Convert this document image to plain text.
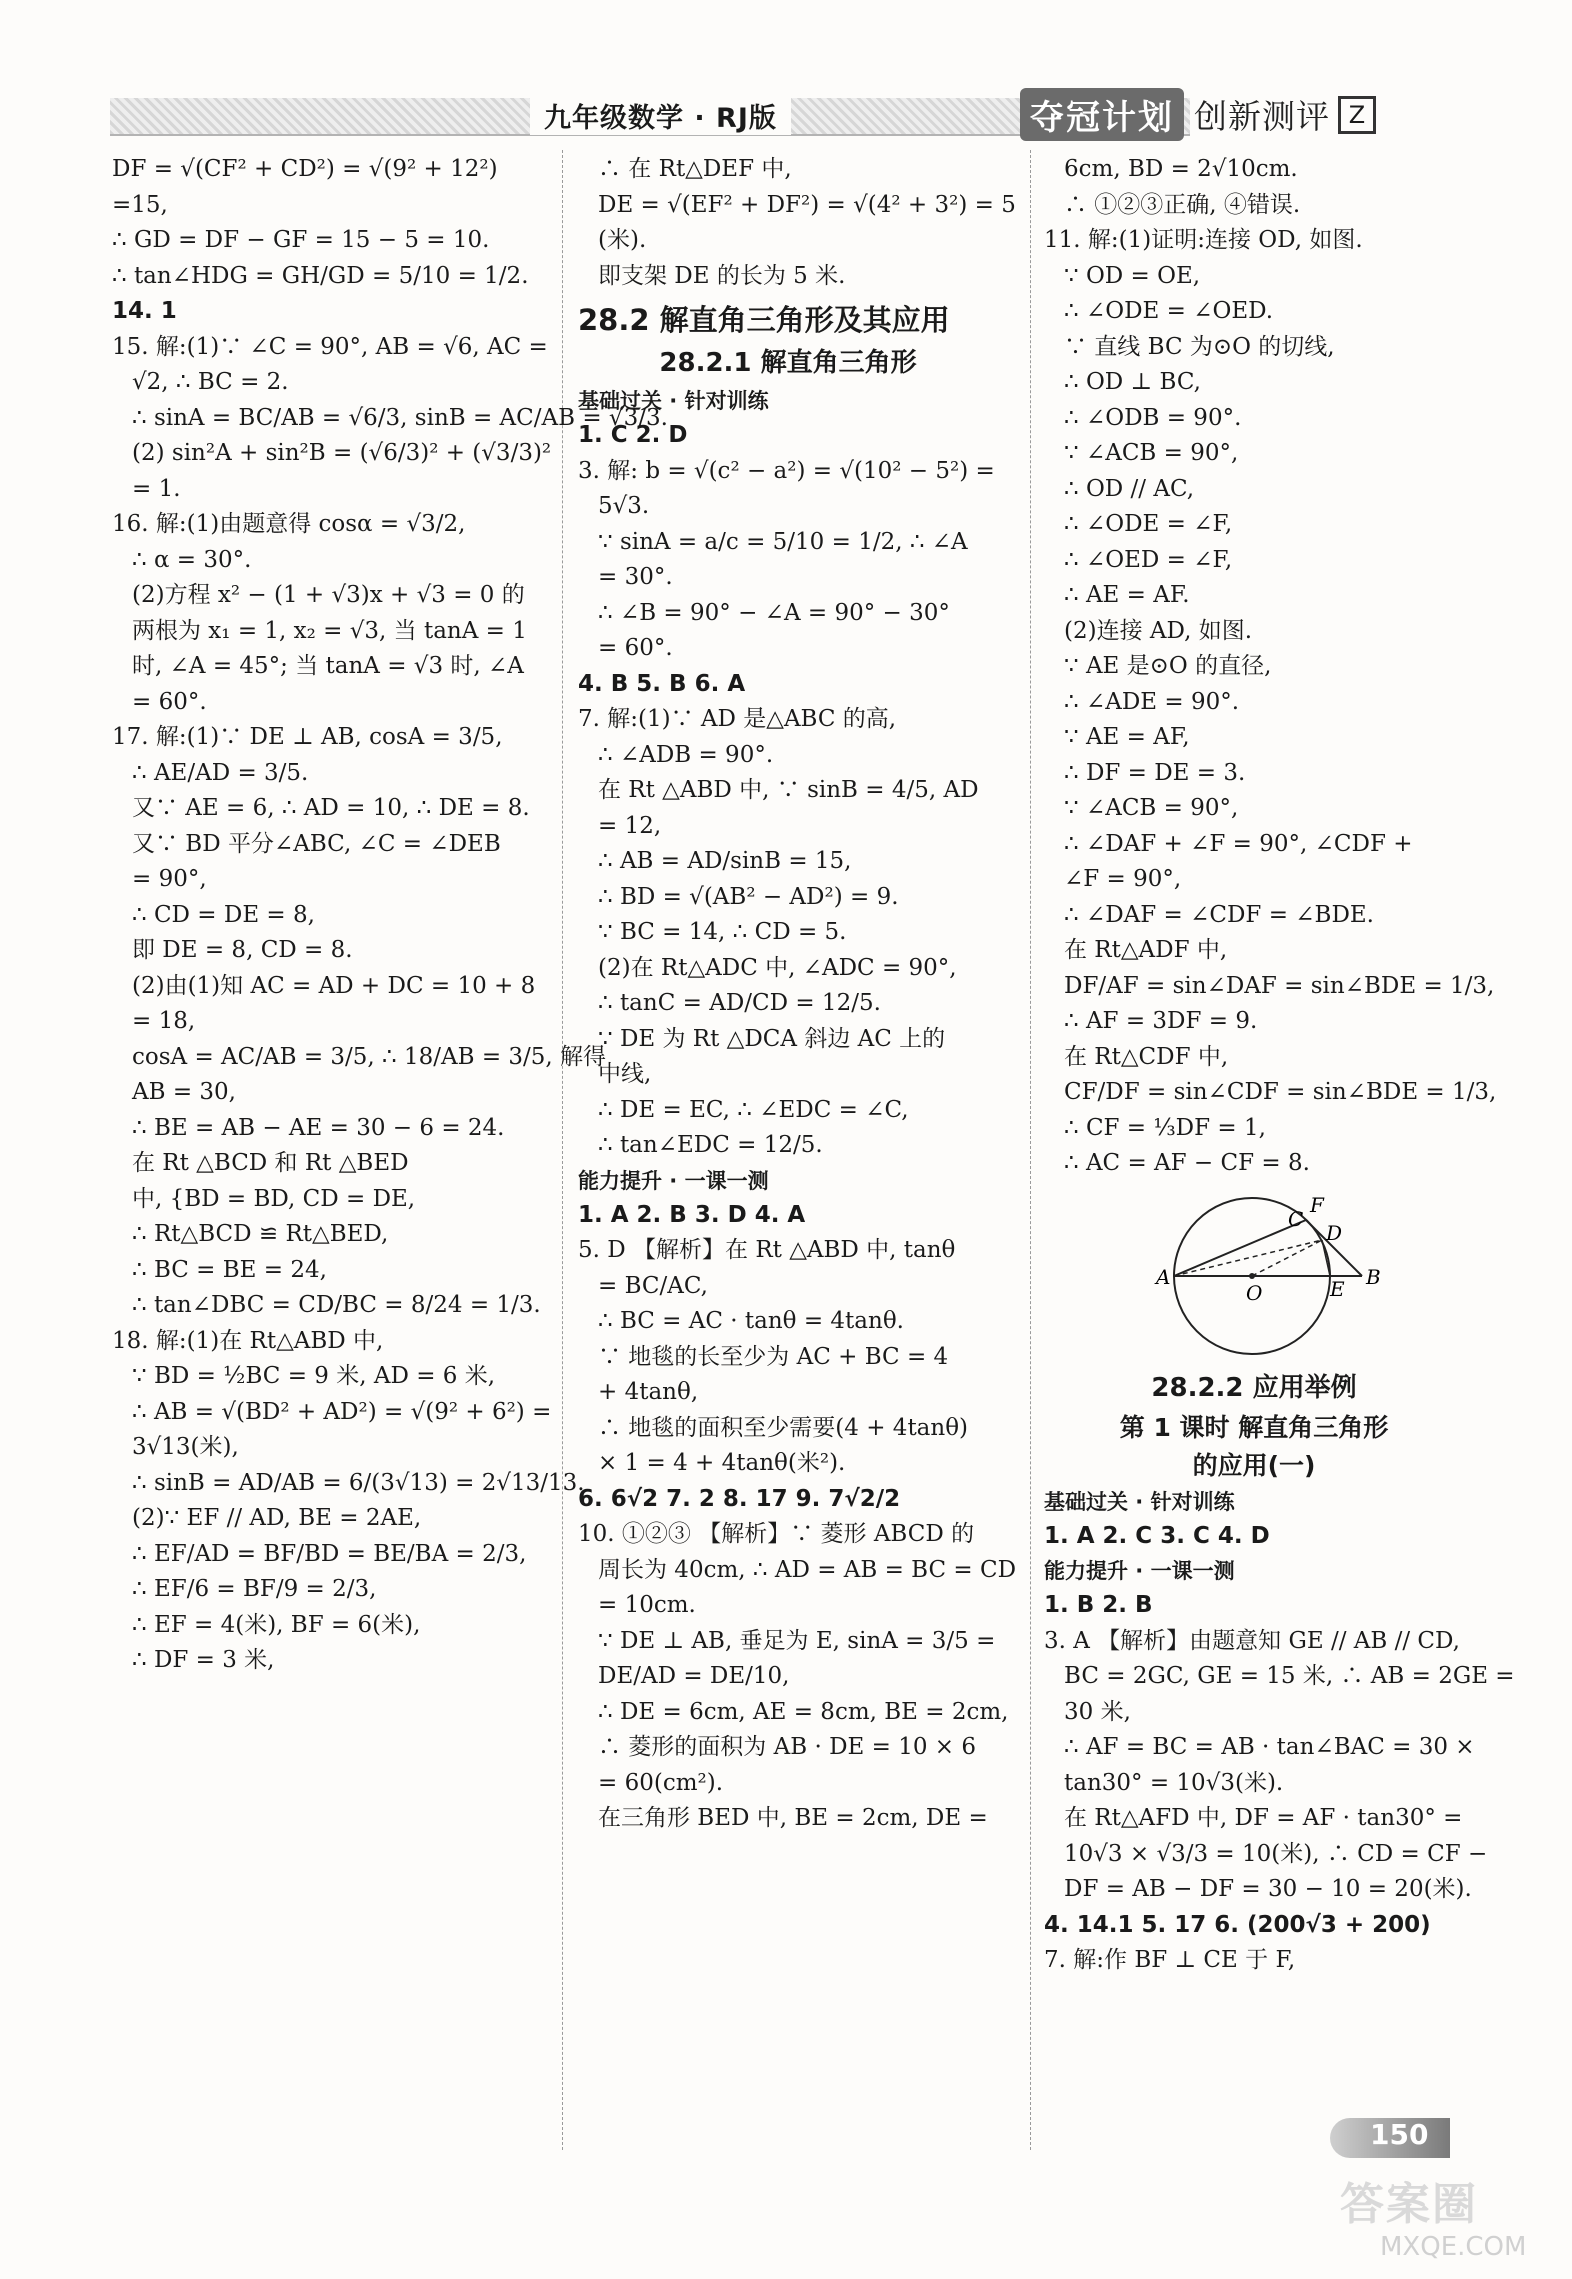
九年级数学 · RJ版	夺冠计划 创新测评 Z
DF = √(CF² + CD²) = √(9² + 12²)
=15,
∴ GD = DF − GF = 15 − 5 = 10.
∴ tan∠HDG = GH/GD = 5/10 = 1/2.
14. 1
15. 解:(1)∵ ∠C = 90°, AB = √6, AC =
√2, ∴ BC = 2.
∴ sinA = BC/AB = √6/3, sinB = AC/AB = √3/3.
(2) sin²A + sin²B = (√6/3)² + (√3/3)²
= 1.
16. 解:(1)由题意得 cosα = √3/2,
∴ α = 30°.
(2)方程 x² − (1 + √3)x + √3 = 0 的
两根为 x₁ = 1, x₂ = √3, 当 tanA = 1
时, ∠A = 45°; 当 tanA = √3 时, ∠A
= 60°.
17. 解:(1)∵ DE ⊥ AB, cosA = 3/5,
∴ AE/AD = 3/5.
又∵ AE = 6, ∴ AD = 10, ∴ DE = 8.
又∵ BD 平分∠ABC, ∠C = ∠DEB
= 90°,
∴ CD = DE = 8,
即 DE = 8, CD = 8.
(2)由(1)知 AC = AD + DC = 10 + 8
= 18,
cosA = AC/AB = 3/5, ∴ 18/AB = 3/5, 解得
AB = 30,
∴ BE = AB − AE = 30 − 6 = 24.
在 Rt △BCD 和 Rt △BED
中, {BD = BD, CD = DE,
∴ Rt△BCD ≌ Rt△BED,
∴ BC = BE = 24,
∴ tan∠DBC = CD/BC = 8/24 = 1/3.
18. 解:(1)在 Rt△ABD 中,
∵ BD = ½BC = 9 米, AD = 6 米,
∴ AB = √(BD² + AD²) = √(9² + 6²) =
3√13(米),
∴ sinB = AD/AB = 6/(3√13) = 2√13/13.
(2)∵ EF // AD, BE = 2AE,
∴ EF/AD = BF/BD = BE/BA = 2/3,
∴ EF/6 = BF/9 = 2/3,
∴ EF = 4(米), BF = 6(米),
∴ DF = 3 米,
∴ 在 Rt△DEF 中,
DE = √(EF² + DF²) = √(4² + 3²) = 5
(米).
即支架 DE 的长为 5 米.
28.2 解直角三角形及其应用
28.2.1 解直角三角形
基础过关 · 针对训练
1. C 2. D
3. 解: b = √(c² − a²) = √(10² − 5²) =
5√3.
∵ sinA = a/c = 5/10 = 1/2, ∴ ∠A
= 30°.
∴ ∠B = 90° − ∠A = 90° − 30°
= 60°.
4. B 5. B 6. A
7. 解:(1)∵ AD 是△ABC 的高,
∴ ∠ADB = 90°.
在 Rt △ABD 中, ∵ sinB = 4/5, AD
= 12,
∴ AB = AD/sinB = 15,
∴ BD = √(AB² − AD²) = 9.
∵ BC = 14, ∴ CD = 5.
(2)在 Rt△ADC 中, ∠ADC = 90°,
∴ tanC = AD/CD = 12/5.
∵ DE 为 Rt △DCA 斜边 AC 上的
中线,
∴ DE = EC, ∴ ∠EDC = ∠C,
∴ tan∠EDC = 12/5.
能力提升 · 一课一测
1. A 2. B 3. D 4. A
5. D 【解析】在 Rt △ABD 中, tanθ
= BC/AC,
∴ BC = AC · tanθ = 4tanθ.
∵ 地毯的长至少为 AC + BC = 4
+ 4tanθ,
∴ 地毯的面积至少需要(4 + 4tanθ)
× 1 = 4 + 4tanθ(米²).
6. 6√2 7. 2 8. 17 9. 7√2/2
10. ①②③ 【解析】∵ 菱形 ABCD 的
周长为 40cm, ∴ AD = AB = BC = CD
= 10cm.
∵ DE ⊥ AB, 垂足为 E, sinA = 3/5 =
DE/AD = DE/10,
∴ DE = 6cm, AE = 8cm, BE = 2cm,
∴ 菱形的面积为 AB · DE = 10 × 6
= 60(cm²).
在三角形 BED 中, BE = 2cm, DE =
6cm, BD = 2√10cm.
∴ ①②③正确, ④错误.
11. 解:(1)证明:连接 OD, 如图.
∵ OD = OE,
∴ ∠ODE = ∠OED.
∵ 直线 BC 为⊙O 的切线,
∴ OD ⊥ BC,
∴ ∠ODB = 90°.
∵ ∠ACB = 90°,
∴ OD // AC,
∴ ∠ODE = ∠F,
∴ ∠OED = ∠F,
∴ AE = AF.
(2)连接 AD, 如图.
∵ AE 是⊙O 的直径,
∴ ∠ADE = 90°.
∵ AE = AF,
∴ DF = DE = 3.
∵ ∠ACB = 90°,
∴ ∠DAF + ∠F = 90°, ∠CDF +
∠F = 90°,
∴ ∠DAF = ∠CDF = ∠BDE.
在 Rt△ADF 中,
DF/AF = sin∠DAF = sin∠BDE = 1/3,
∴ AF = 3DF = 9.
在 Rt△CDF 中,
CF/DF = sin∠CDF = sin∠BDE = 1/3,
∴ CF = ⅓DF = 1,
∴ AC = AF − CF = 8.
A	B
C
D
E
F
O
28.2.2 应用举例
第 1 课时 解直角三角形
的应用(一)
基础过关 · 针对训练
1. A 2. C 3. C 4. D
能力提升 · 一课一测
1. B 2. B
3. A 【解析】由题意知 GE // AB // CD,
BC = 2GC, GE = 15 米, ∴ AB = 2GE =
30 米,
∴ AF = BC = AB · tan∠BAC = 30 ×
tan30° = 10√3(米).
在 Rt△AFD 中, DF = AF · tan30° =
10√3 × √3/3 = 10(米), ∴ CD = CF −
DF = AB − DF = 30 − 10 = 20(米).
4. 14.1 5. 17 6. (200√3 + 200)
7. 解:作 BF ⊥ CE 于 F,
150
答案圈
MXQE.COM
